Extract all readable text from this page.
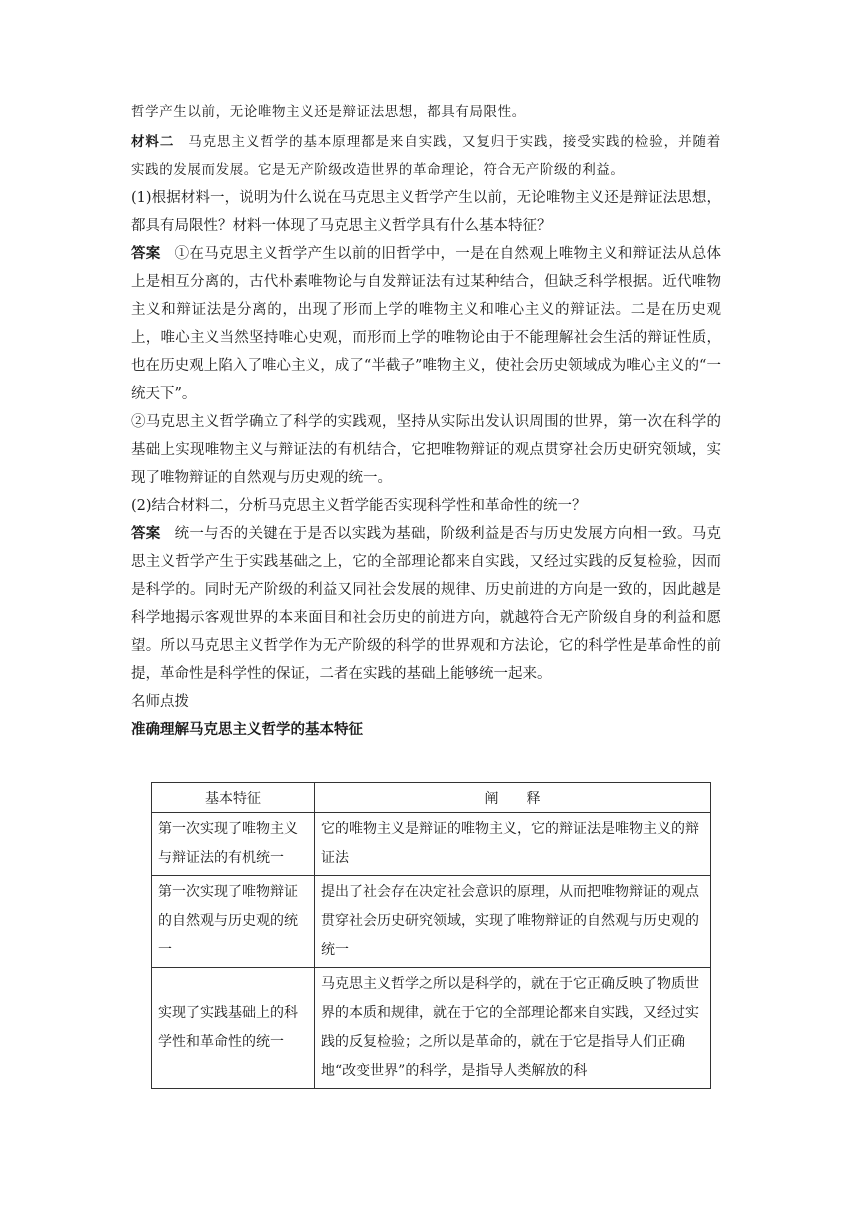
哲学产生以前，无论唯物主义还是辩证法思想，都具有局限性。

材料二 马克思主义哲学的基本原理都是来自实践，又复归于实践，接受实践的检验，并随着实践的发展而发展。它是无产阶级改造世界的革命理论，符合无产阶级的利益。

(1)根据材料一，说明为什么说在马克思主义哲学产生以前，无论唯物主义还是辩证法思想，都具有局限性？材料一体现了马克思主义哲学具有什么基本特征？

答案 ①在马克思主义哲学产生以前的旧哲学中，一是在自然观上唯物主义和辩证法从总体上是相互分离的，古代朴素唯物论与自发辩证法有过某种结合，但缺乏科学根据。近代唯物主义和辩证法是分离的，出现了形而上学的唯物主义和唯心主义的辩证法。二是在历史观上，唯心主义当然坚持唯心史观，而形而上学的唯物论由于不能理解社会生活的辩证性质，也在历史观上陷入了唯心主义，成了“半截子”唯物主义，使社会历史领域成为唯心主义的“一统天下”。

②马克思主义哲学确立了科学的实践观，坚持从实际出发认识周围的世界，第一次在科学的基础上实现唯物主义与辩证法的有机结合，它把唯物辩证的观点贯穿社会历史研究领域，实现了唯物辩证的自然观与历史观的统一。

(2)结合材料二，分析马克思主义哲学能否实现科学性和革命性的统一？

答案 统一与否的关键在于是否以实践为基础，阶级利益是否与历史发展方向相一致。马克思主义哲学产生于实践基础之上，它的全部理论都来自实践，又经过实践的反复检验，因而是科学的。同时无产阶级的利益又同社会发展的规律、历史前进的方向是一致的，因此越是科学地揭示客观世界的本来面目和社会历史的前进方向，就越符合无产阶级自身的利益和愿望。所以马克思主义哲学作为无产阶级的科学的世界观和方法论，它的科学性是革命性的前提，革命性是科学性的保证，二者在实践的基础上能够统一起来。

名师点拨

准确理解马克思主义哲学的基本特征

基本特征	阐　　释
第一次实现了唯物主义与辩证法的有机统一	它的唯物主义是辩证的唯物主义，它的辩证法是唯物主义的辩证法
第一次实现了唯物辩证的自然观与历史观的统一	提出了社会存在决定社会意识的原理，从而把唯物辩证的观点贯穿社会历史研究领域，实现了唯物辩证的自然观与历史观的统一
实现了实践基础上的科学性和革命性的统一	马克思主义哲学之所以是科学的，就在于它正确反映了物质世界的本质和规律，就在于它的全部理论都来自实践，又经过实践的反复检验；之所以是革命的，就在于它是指导人们正确地“改变世界”的科学，是指导人类解放的科
